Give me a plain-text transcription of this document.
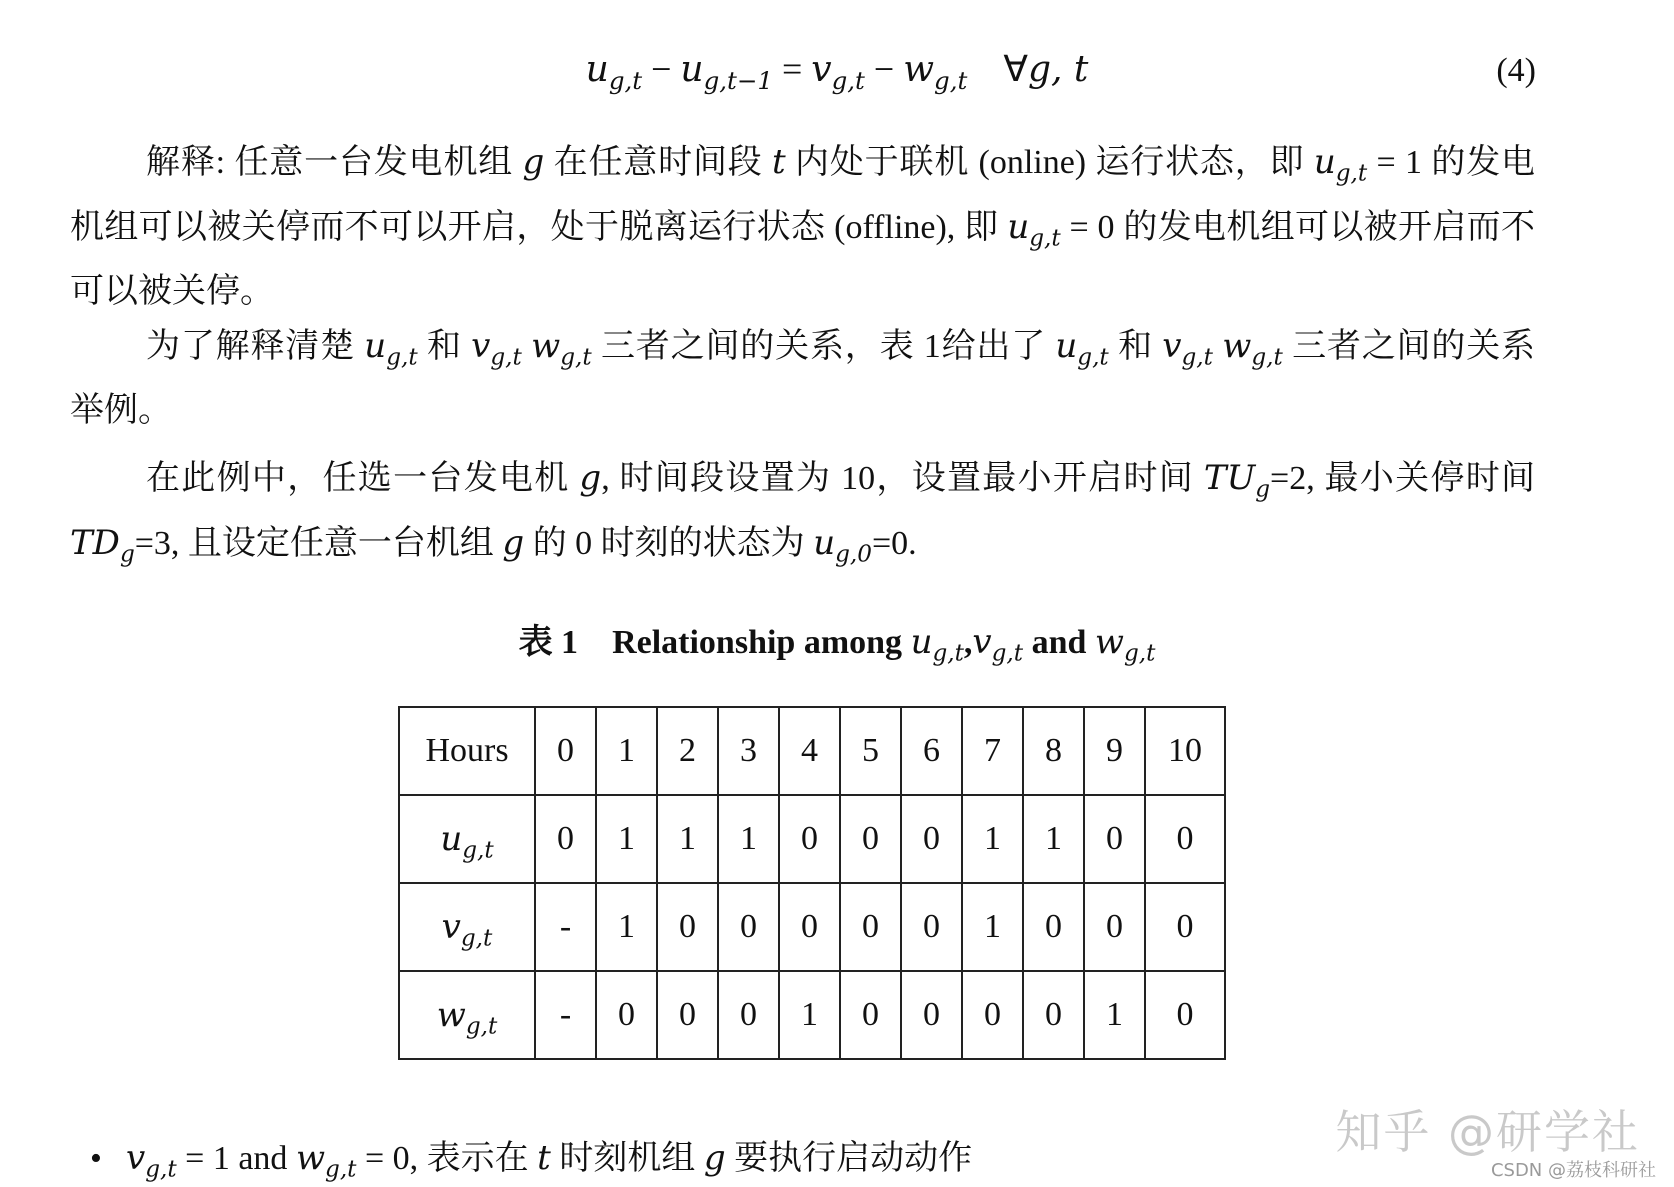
$u_{g,t} - u_{g,t-1} = v_{g,t} - w_{g,t}$ ∀g, t	(4)
解释: 任意一台发电机组 g 在任意时间段 t 内处于联机 (online) 运行状态，即 $u_{g,t} = 1$ 的发电机组可以被关停而不可以开启，处于脱离运行状态 (offline), 即 $u_{g,t} = 0$ 的发电机组可以被开启而不可以被关停。
为了解释清楚 $u_{g,t}$ 和 $v_{g,t}$ $w_{g,t}$ 三者之间的关系，表 1给出了 $u_{g,t}$ 和 $v_{g,t}$ $w_{g,t}$ 三者之间的关系举例。
在此例中，任选一台发电机 g, 时间段设置为 10，设置最小开启时间 $TU_g=2$, 最小关停时间 $TD_g=3$, 且设定任意一台机组 g 的 0 时刻的状态为 $u_{g,0}=0$.
表 1 Relationship among $u_{g,t},v_{g,t}$ and $w_{g,t}$
Hours	0	1	2	3	4	5	6	7	8	9	10
$u_{g,t}$	0	1	1	1	0	0	0	1	1	0	0
$v_{g,t}$	-	1	0	0	0	0	0	1	0	0	0
$w_{g,t}$	-	0	0	0	1	0	0	0	0	1	0
• $v_{g,t} = 1$ and $w_{g,t} = 0$, 表示在 t 时刻机组 g 要执行启动动作	知乎 @研学社
CSDN @荔枝科研社
